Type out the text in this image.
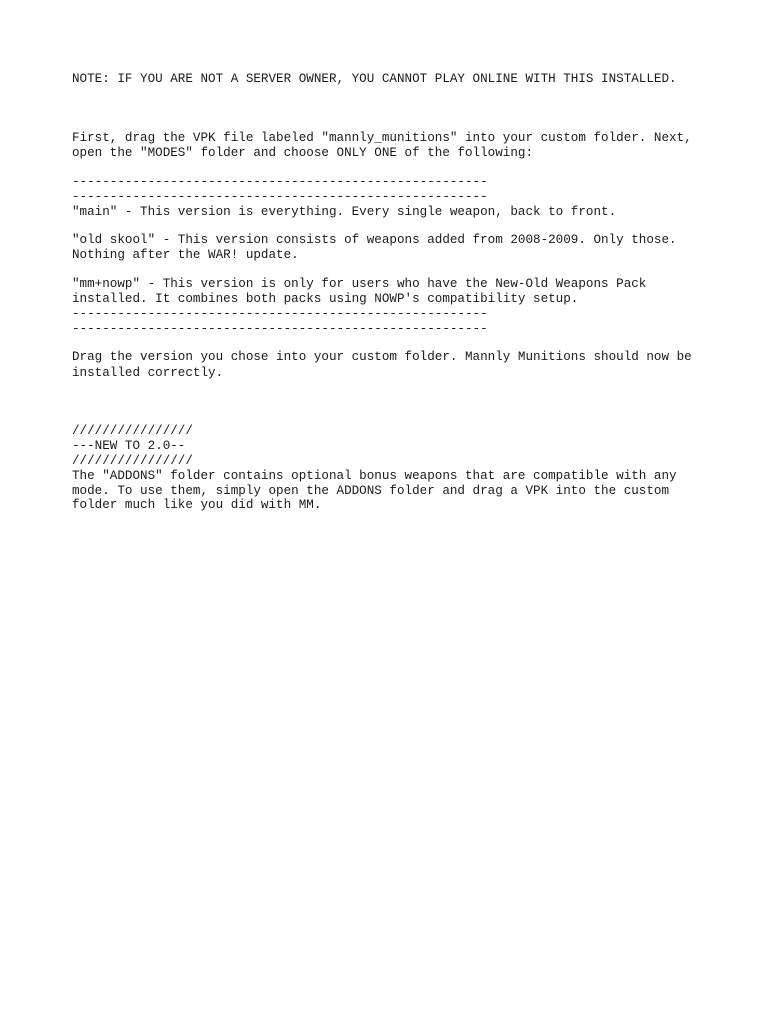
NOTE: IF YOU ARE NOT A SERVER OWNER, YOU CANNOT PLAY ONLINE WITH THIS INSTALLED.
First, drag the VPK file labeled "mannly_munitions" into your custom folder. Next,
open the "MODES" folder and choose ONLY ONE of the following:
-------------------------------------------------------
-------------------------------------------------------
"main" - This version is everything. Every single weapon, back to front.
"old skool" - This version consists of weapons added from 2008-2009. Only those.
Nothing after the WAR! update.
"mm+nowp" - This version is only for users who have the New-Old Weapons Pack
installed. It combines both packs using NOWP's compatibility setup.
-------------------------------------------------------
-------------------------------------------------------
Drag the version you chose into your custom folder. Mannly Munitions should now be
installed correctly.
////////////////
---NEW TO 2.0--
////////////////
The "ADDONS" folder contains optional bonus weapons that are compatible with any
mode. To use them, simply open the ADDONS folder and drag a VPK into the custom
folder much like you did with MM.
